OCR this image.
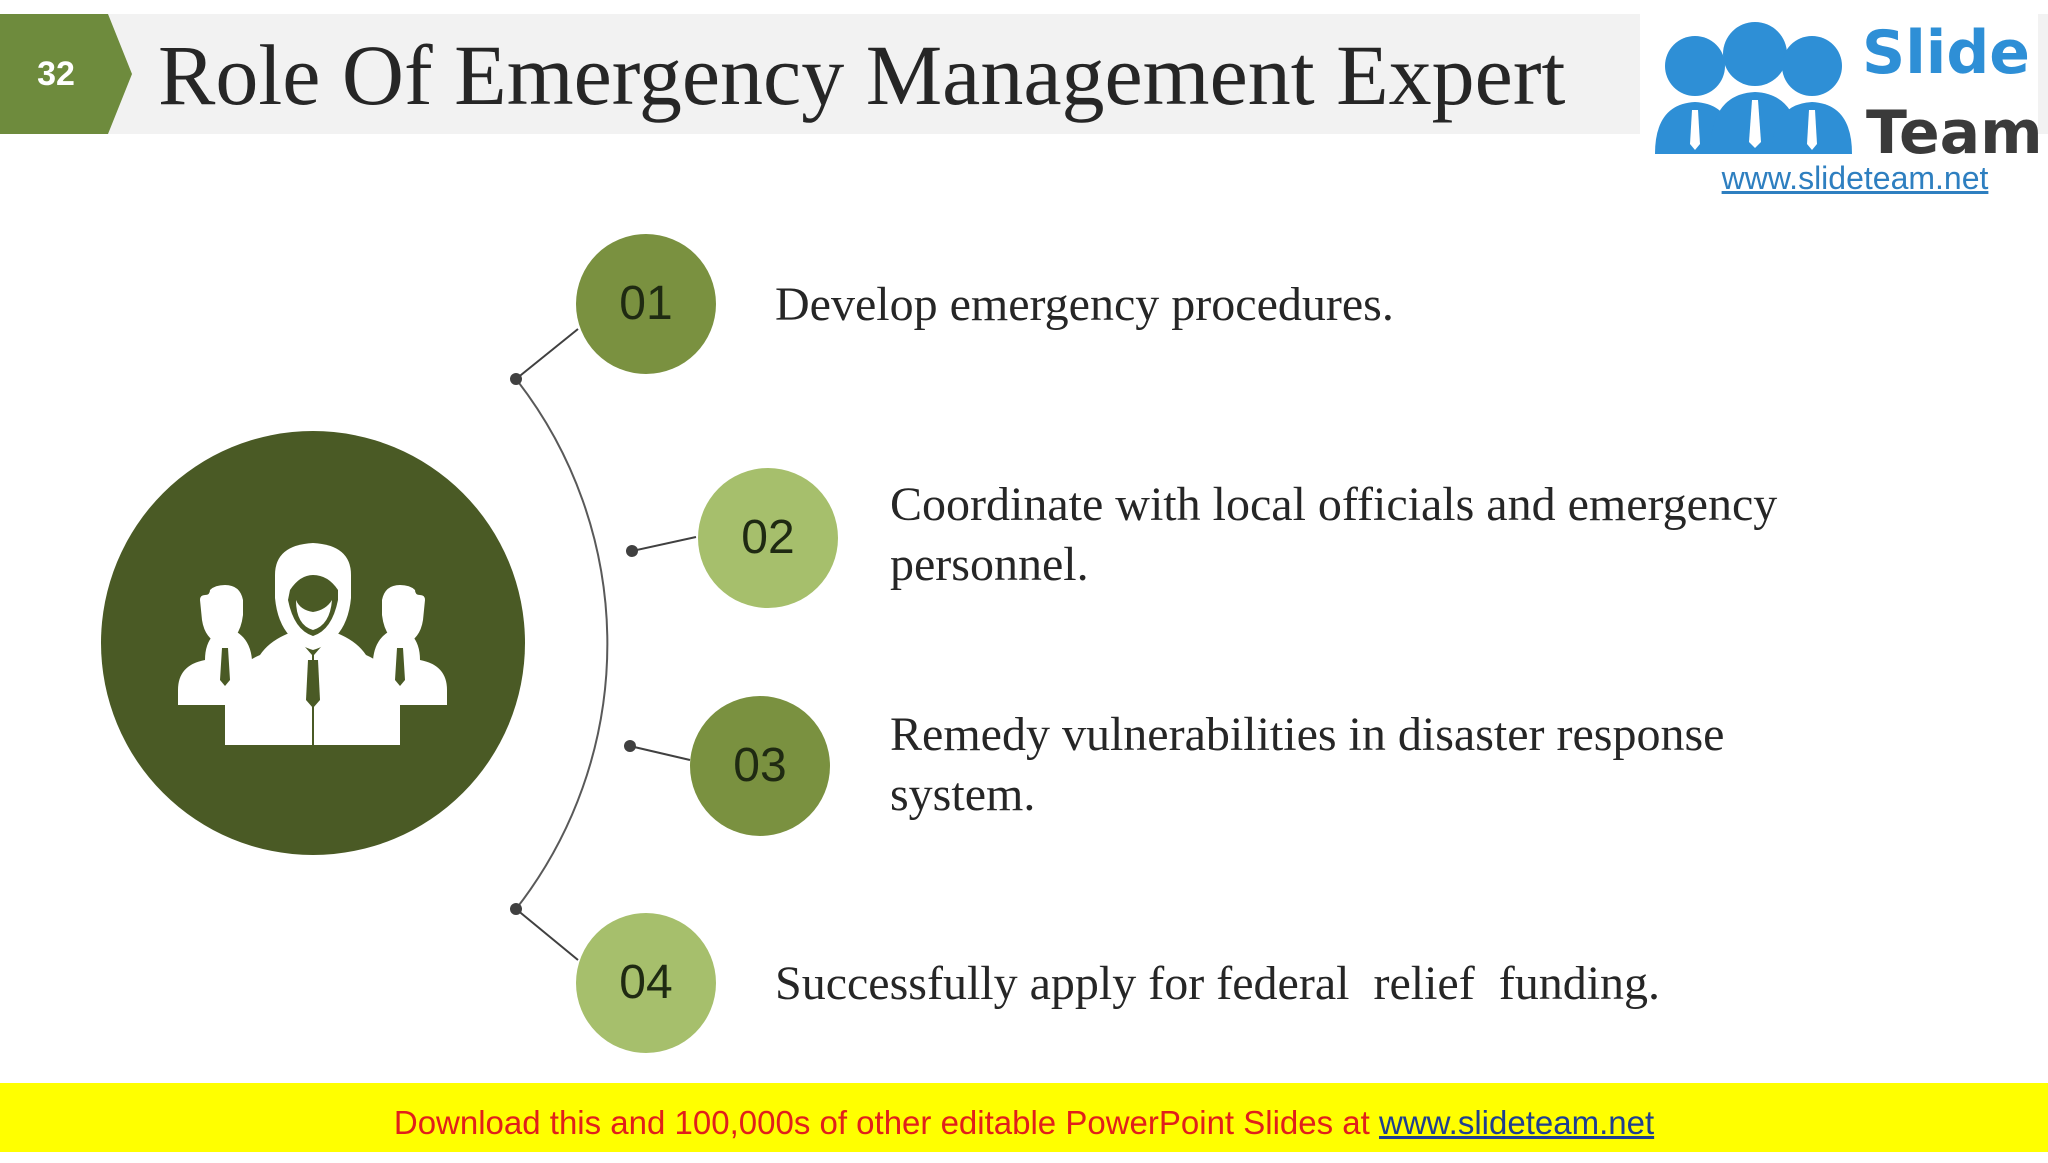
32 Role Of Emergency Management Expert	Slide
Team
www.slideteam.net
01
02
03
04
Develop emergency procedures.
Coordinate with local officials and emergency
personnel.
Remedy vulnerabilities in disaster response
system.
Successfully apply for federal  relief  funding.
Download this and 100,000s of other editable PowerPoint Slides at www.slideteam.net
